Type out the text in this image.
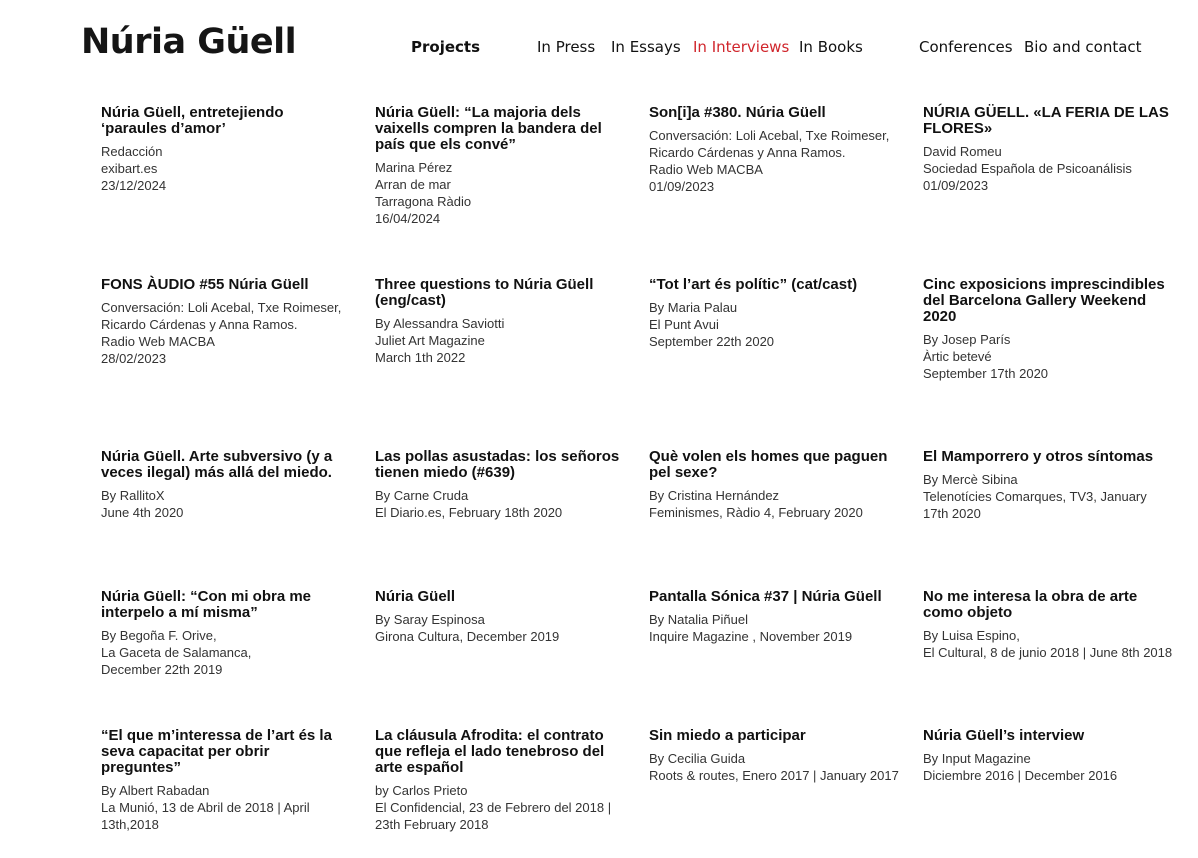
Núria Güell	Projects	In Press In Essays In Interviews In Books	Conferences Bio and contact
Núria Güell, entretejiendo ‘paraules d’amor’
Redacción
exibart.es
23/12/2024
Núria Güell: “La majoria dels vaixells compren la bandera del país que els convé”
Marina Pérez
Arran de mar
Tarragona Ràdio
16/04/2024
Son[i]a #380. Núria Güell
Conversación: Loli Acebal, Txe Roimeser, Ricardo Cárdenas y Anna Ramos.
Radio Web MACBA
01/09/2023
NÚRIA GÜELL. «LA FERIA DE LAS FLORES»
David Romeu
Sociedad Española de Psicoanálisis
01/09/2023
FONS ÀUDIO #55 Núria Güell
Conversación: Loli Acebal, Txe Roimeser, Ricardo Cárdenas y Anna Ramos.
Radio Web MACBA
28/02/2023
Three questions to Núria Güell (eng/cast)
By Alessandra Saviotti
Juliet Art Magazine
March 1th 2022
“Tot l’art és polític” (cat/cast)
By Maria Palau
El Punt Avui
September 22th 2020
Cinc exposicions imprescindibles del Barcelona Gallery Weekend 2020
By Josep París
Àrtic betevé
September 17th 2020
Núria Güell. Arte subversivo (y a veces ilegal) más allá del miedo.
By RallitoX
June 4th 2020
Las pollas asustadas: los señoros tienen miedo (#639)
By Carne Cruda
El Diario.es, February 18th 2020
Què volen els homes que paguen pel sexe?
By Cristina Hernández
Feminismes, Ràdio 4, February 2020
El Mamporrero y otros síntomas
By Mercè Sibina
Telenotícies Comarques, TV3, January 17th 2020
Núria Güell: “Con mi obra me interpelo a mí misma”
By Begoña F. Orive,
La Gaceta de Salamanca,
December 22th 2019
Núria Güell
By Saray Espinosa
Girona Cultura, December 2019
Pantalla Sónica #37 | Núria Güell
By Natalia Piñuel
Inquire Magazine , November 2019
No me interesa la obra de arte como objeto
By Luisa Espino,
El Cultural, 8 de junio 2018 | June 8th 2018
“El que m’interessa de l’art és la seva capacitat per obrir preguntes”
By Albert Rabadan
La Munió, 13 de Abril de 2018 | April 13th,2018
La cláusula Afrodita: el contrato que refleja el lado tenebroso del arte español
by Carlos Prieto
El Confidencial, 23 de Febrero del 2018 | 23th February 2018
Sin miedo a participar
By Cecilia Guida
Roots & routes, Enero 2017 | January 2017
Núria Güell’s interview
By Input Magazine
Diciembre 2016 | December 2016
